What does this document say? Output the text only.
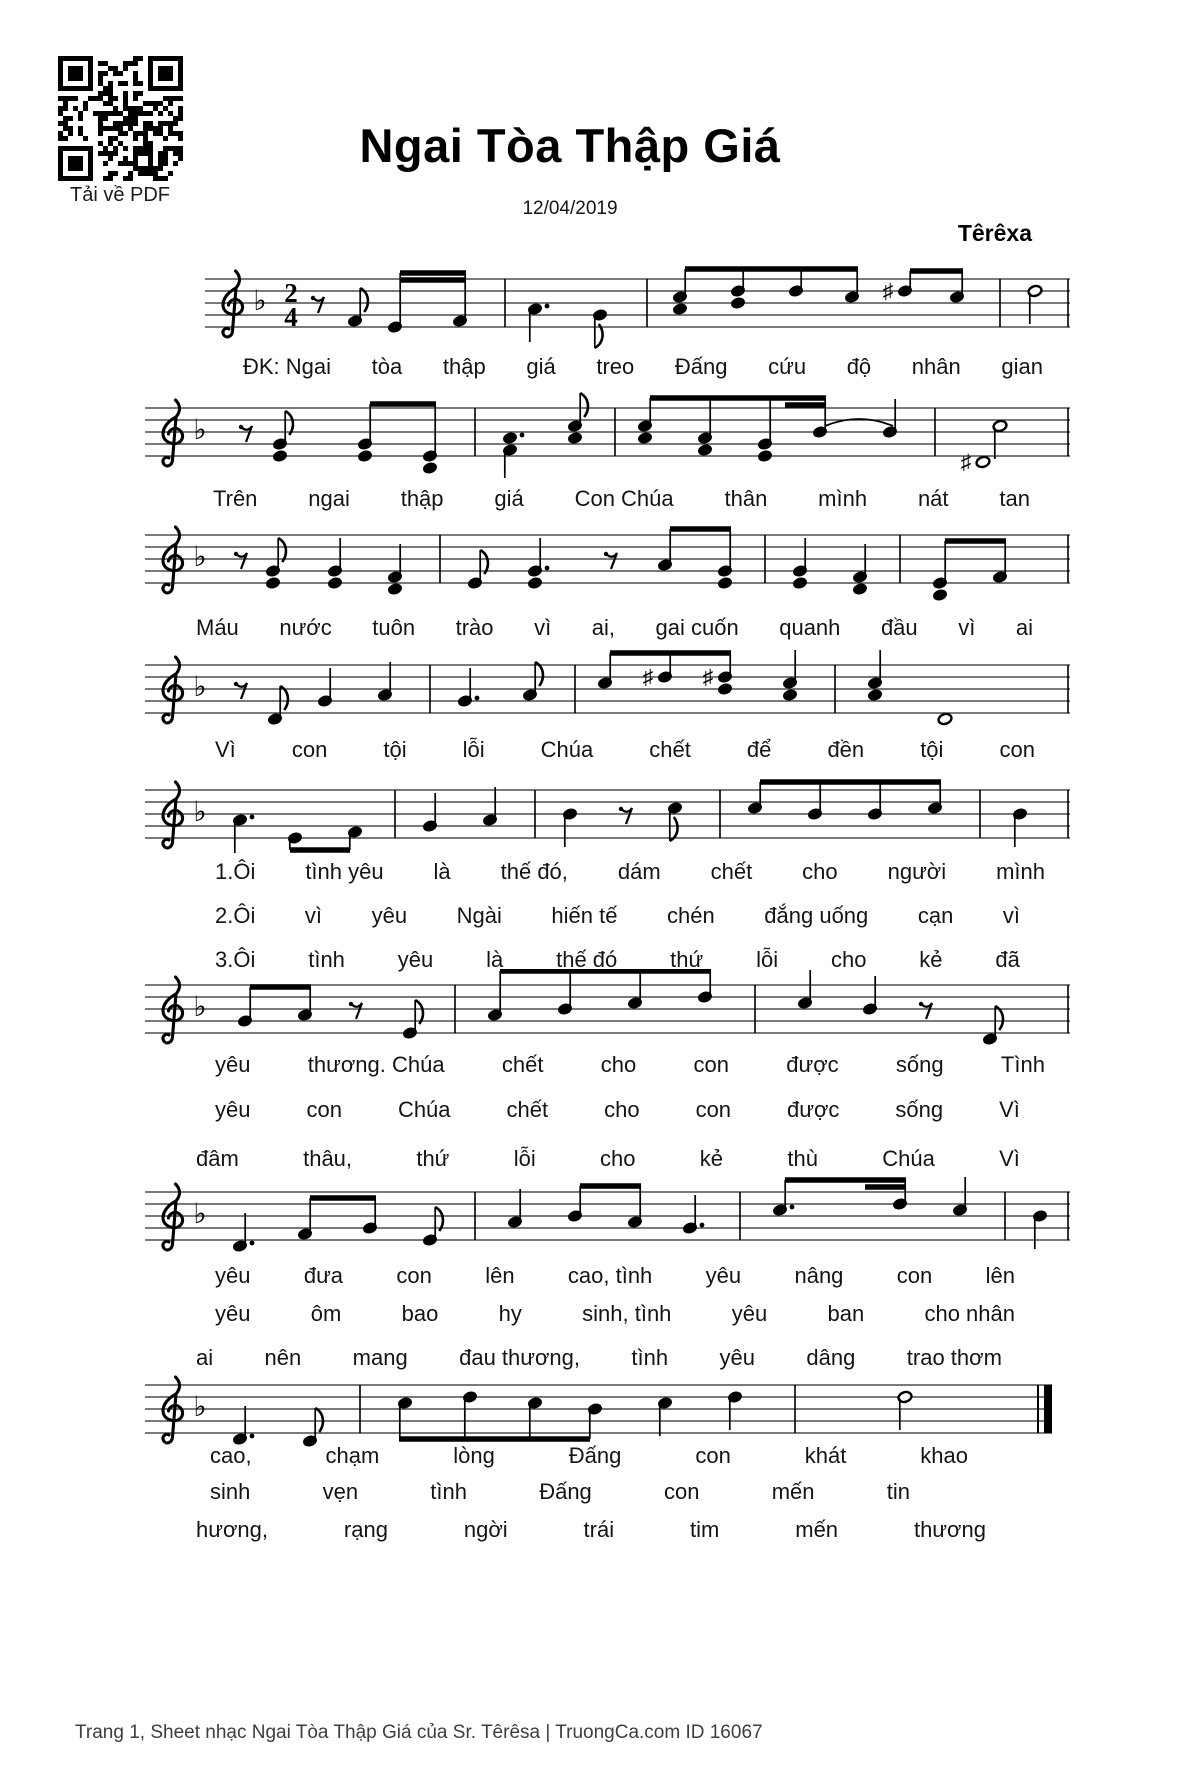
Tải về PDF
Ngai Tòa Thập Giá
12/04/2019
Têrêxa
♭ 2
4
♯
♭
♯
♭
♭	♯ ♯
♭
♭
♭
♭
ĐK: Ngai tòa thập giá treo Đấng cứu độ nhân gian
Trên ngai thập giá Con Chúa thân mình nát tan
Máu nước tuôn trào vì ai, gai cuốn quanh đầu vì ai
Vì	con	tội	lỗi	Chúa	chết	để	đền	tội	con
1.Ôi tình yêu là thế đó, dám chết cho người mình
2.Ôi vì yêu Ngài hiến tế chén đắng uống cạn vì
3.Ôi tình yêu là thế đó thứ lỗi cho kẻ đã
yêu	thương. Chúa	chết	cho	con	được	sống	Tình
yêu	con	Chúa	chết	cho	con	được	sống	Vì
đâm	thâu,	thứ	lỗi	cho	kẻ	thù	Chúa	Vì
yêu đưa con lên cao, tình yêu nâng con lên
yêu	ôm	bao	hy	sinh, tình	yêu	ban	cho nhân
ai nên mang đau thương, tình yêu dâng trao thơm
cao,	chạm	lòng	Đấng	con	khát	khao
sinh	vẹn	tình	Đấng	con	mến	tin
hương,	rạng	ngời	trái	tim	mến	thương
Trang 1, Sheet nhạc Ngai Tòa Thập Giá của Sr. Têrêsa | TruongCa.com ID 16067
